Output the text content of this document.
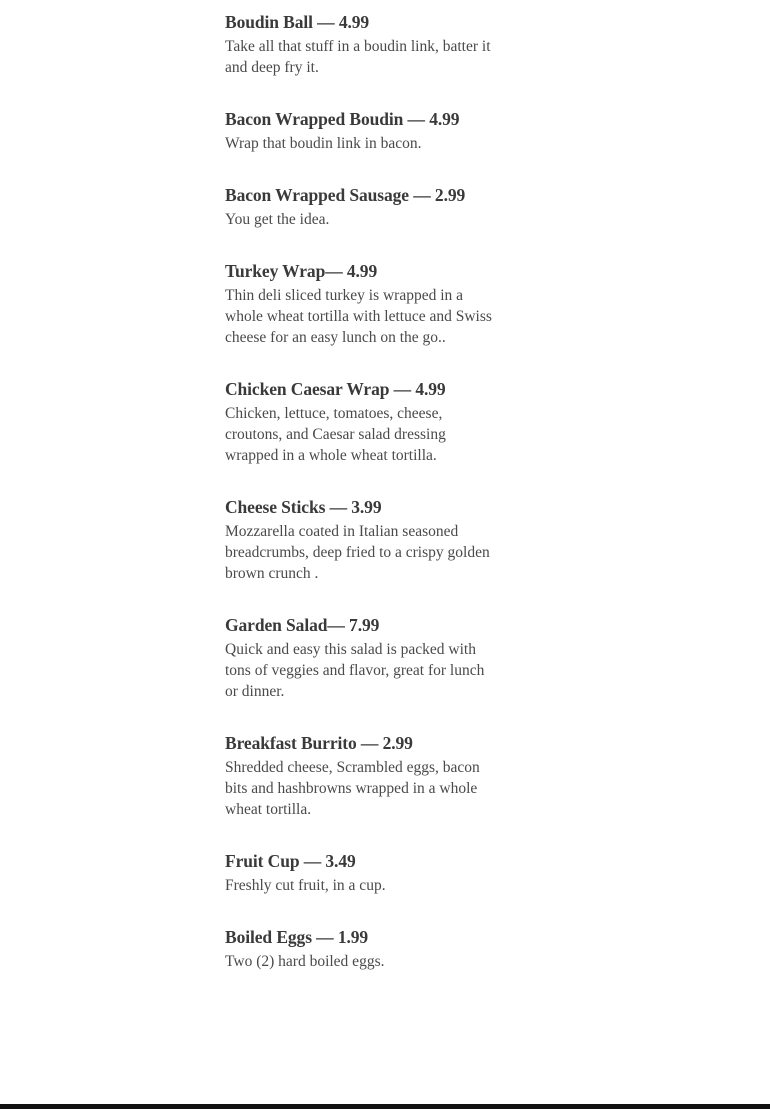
Boudin Ball — 4.99

Take all that stuff in a boudin link, batter it and deep fry it.

Bacon Wrapped Boudin — 4.99

Wrap that boudin link in bacon.

Bacon Wrapped Sausage — 2.99

You get the idea.

Turkey Wrap— 4.99

Thin deli sliced turkey is wrapped in a whole wheat tortilla with lettuce and Swiss cheese for an easy lunch on the go..

Chicken Caesar Wrap — 4.99

Chicken, lettuce, tomatoes, cheese, croutons, and Caesar salad dressing wrapped in a whole wheat tortilla.

Cheese Sticks — 3.99

Mozzarella coated in Italian seasoned breadcrumbs, deep fried to a crispy golden brown crunch .

Garden Salad— 7.99

Quick and easy this salad is packed with tons of veggies and flavor, great for lunch or dinner.

Breakfast Burrito — 2.99

Shredded cheese, Scrambled eggs, bacon bits and hashbrowns wrapped in a whole wheat tortilla.

Fruit Cup — 3.49

Freshly cut fruit, in a cup.

Boiled Eggs — 1.99

Two (2) hard boiled eggs.
